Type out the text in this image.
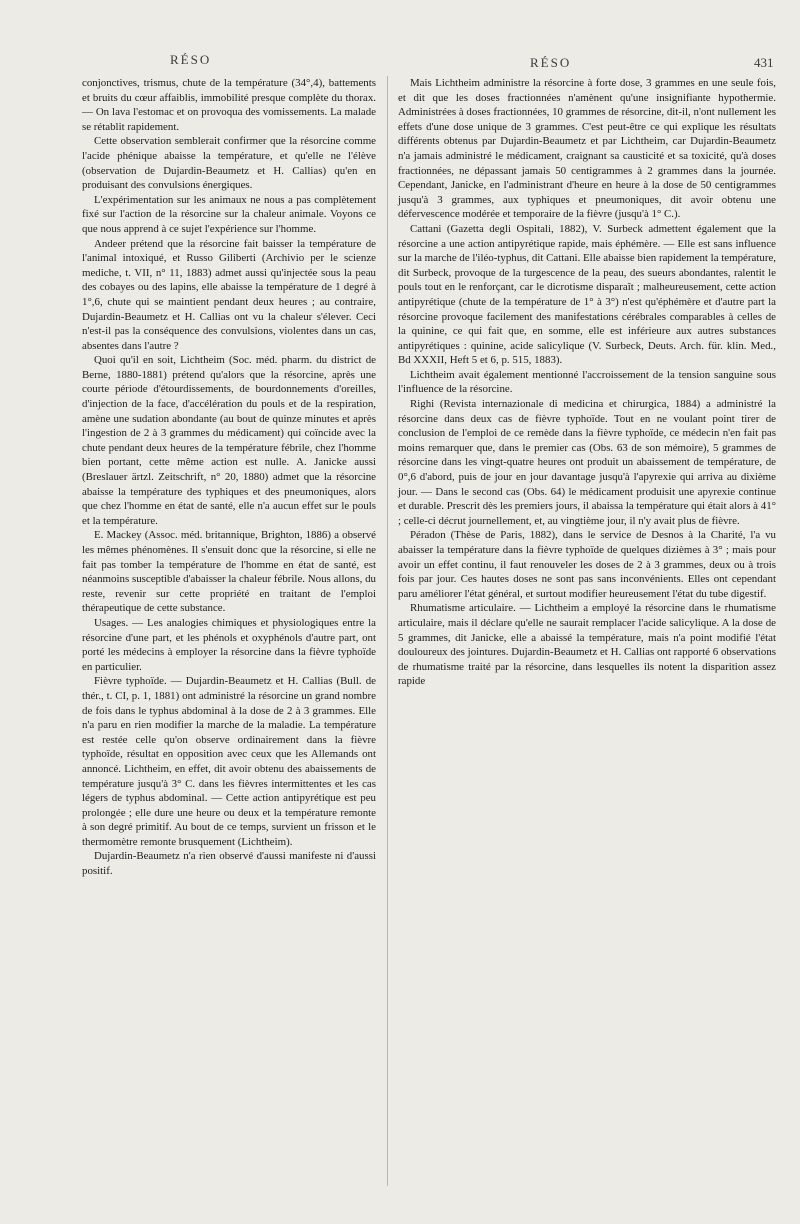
RÉSO	RÉSO	431

conjonctives, trismus, chute de la température (34°,4), battements et bruits du cœur affaiblis, immobilité presque complète du thorax. — On lava l'estomac et on provoqua des vomissements. La malade se rétablit rapidement.

Cette observation semblerait confirmer que la résorcine comme l'acide phénique abaisse la température, et qu'elle ne l'élève (observation de Dujardin-Beaumetz et H. Callias) qu'en en produisant des convulsions énergiques.

L'expérimentation sur les animaux ne nous a pas complètement fixé sur l'action de la résorcine sur la chaleur animale. Voyons ce que nous apprend à ce sujet l'expérience sur l'homme.

Andeer prétend que la résorcine fait baisser la température de l'animal intoxiqué, et Russo Giliberti (Archivio per le scienze mediche, t. VII, n° 11, 1883) admet aussi qu'injectée sous la peau des cobayes ou des lapins, elle abaisse la température de 1 degré à 1°,6, chute qui se maintient pendant deux heures ; au contraire, Dujardin-Beaumetz et H. Callias ont vu la chaleur s'élever. Ceci n'est-il pas la conséquence des convulsions, violentes dans un cas, absentes dans l'autre ?

Quoi qu'il en soit, Lichtheim (Soc. méd. pharm. du district de Berne, 1880-1881) prétend qu'alors que la résorcine, après une courte période d'étourdissements, de bourdonnements d'oreilles, d'injection de la face, d'accélération du pouls et de la respiration, amène une sudation abondante (au bout de quinze minutes et après l'ingestion de 2 à 3 grammes du médicament) qui coïncide avec la chute pendant deux heures de la température fébrile, chez l'homme bien portant, cette même action est nulle. A. Janicke aussi (Breslauer ärtzl. Zeitschrift, n° 20, 1880) admet que la résorcine abaisse la température des typhiques et des pneumoniques, alors que chez l'homme en état de santé, elle n'a aucun effet sur le pouls et la température.

E. Mackey (Assoc. méd. britannique, Brighton, 1886) a observé les mêmes phénomènes. Il s'ensuit donc que la résorcine, si elle ne fait pas tomber la température de l'homme en état de santé, est néanmoins susceptible d'abaisser la chaleur fébrile. Nous allons, du reste, revenir sur cette propriété en traitant de l'emploi thérapeutique de cette substance.

Usages. — Les analogies chimiques et physiologiques entre la résorcine d'une part, et les phénols et oxyphénols d'autre part, ont porté les médecins à employer la résorcine dans la fièvre typhoïde en particulier.

Fièvre typhoïde. — Dujardin-Beaumetz et H. Callias (Bull. de thér., t. CI, p. 1, 1881) ont administré la résorcine un grand nombre de fois dans le typhus abdominal à la dose de 2 à 3 grammes. Elle n'a paru en rien modifier la marche de la maladie. La température est restée celle qu'on observe ordinairement dans la fièvre typhoïde, résultat en opposition avec ceux que les Allemands ont annoncé. Lichtheim, en effet, dit avoir obtenu des abaissements de température jusqu'à 3° C. dans les fièvres intermittentes et les cas légers de typhus abdominal. — Cette action antipyrétique est peu prolongée ; elle dure une heure ou deux et la température remonte à son degré primitif. Au bout de ce temps, survient un frisson et le thermomètre remonte brusquement (Lichtheim).

Dujardin-Beaumetz n'a rien observé d'aussi manifeste ni d'aussi positif.

Mais Lichtheim administre la résorcine à forte dose, 3 grammes en une seule fois, et dit que les doses fractionnées n'amènent qu'une insignifiante hypothermie. Administrées à doses fractionnées, 10 grammes de résorcine, dit-il, n'ont nullement les effets d'une dose unique de 3 grammes. C'est peut-être ce qui explique les résultats différents obtenus par Dujardin-Beaumetz et par Lichtheim, car Dujardin-Beaumetz n'a jamais administré le médicament, craignant sa causticité et sa toxicité, qu'à doses fractionnées, ne dépassant jamais 50 centigrammes à 2 grammes dans la journée. Cependant, Janicke, en l'administrant d'heure en heure à la dose de 50 centigrammes jusqu'à 3 grammes, aux typhiques et pneumoniques, dit avoir obtenu une défervescence modérée et temporaire de la fièvre (jusqu'à 1° C.).

Cattani (Gazetta degli Ospitali, 1882), V. Surbeck admettent également que la résorcine a une action antipyrétique rapide, mais éphémère. — Elle est sans influence sur la marche de l'iléo-typhus, dit Cattani. Elle abaisse bien rapidement la température, dit Surbeck, provoque de la turgescence de la peau, des sueurs abondantes, ralentit le pouls tout en le renforçant, car le dicrotisme disparaît ; malheureusement, cette action antipyrétique (chute de la température de 1° à 3°) n'est qu'éphémère et d'autre part la résorcine provoque facilement des manifestations cérébrales comparables à celles de la quinine, ce qui fait que, en somme, elle est inférieure aux autres substances antipyrétiques : quinine, acide salicylique (V. Surbeck, Deuts. Arch. für. klin. Med., Bd XXXII, Heft 5 et 6, p. 515, 1883).

Lichtheim avait également mentionné l'accroissement de la tension sanguine sous l'influence de la résorcine.

Righi (Revista internazionale di medicina et chirurgica, 1884) a administré la résorcine dans deux cas de fièvre typhoïde. Tout en ne voulant point tirer de conclusion de l'emploi de ce remède dans la fièvre typhoïde, ce médecin n'en fait pas moins remarquer que, dans le premier cas (Obs. 63 de son mémoire), 5 grammes de résorcine dans les vingt-quatre heures ont produit un abaissement de température, de 0°,6 d'abord, puis de jour en jour davantage jusqu'à l'apyrexie qui arriva au dixième jour. — Dans le second cas (Obs. 64) le médicament produisit une apyrexie continue et durable. Prescrit dès les premiers jours, il abaissa la température qui était alors à 41° ; celle-ci décrut journellement, et, au vingtième jour, il n'y avait plus de fièvre.

Péradon (Thèse de Paris, 1882), dans le service de Desnos à la Charité, l'a vu abaisser la température dans la fièvre typhoïde de quelques dizièmes à 3° ; mais pour avoir un effet continu, il faut renouveler les doses de 2 à 3 grammes, deux ou à trois fois par jour. Ces hautes doses ne sont pas sans inconvénients. Elles ont cependant paru améliorer l'état général, et surtout modifier heureusement l'état du tube digestif.

Rhumatisme articulaire. — Lichtheim a employé la résorcine dans le rhumatisme articulaire, mais il déclare qu'elle ne saurait remplacer l'acide salicylique. A la dose de 5 grammes, dit Janicke, elle a abaissé la température, mais n'a point modifié l'état douloureux des jointures. Dujardin-Beaumetz et H. Callias ont rapporté 6 observations de rhumatisme traité par la résorcine, dans lesquelles ils notent la disparition assez rapide
